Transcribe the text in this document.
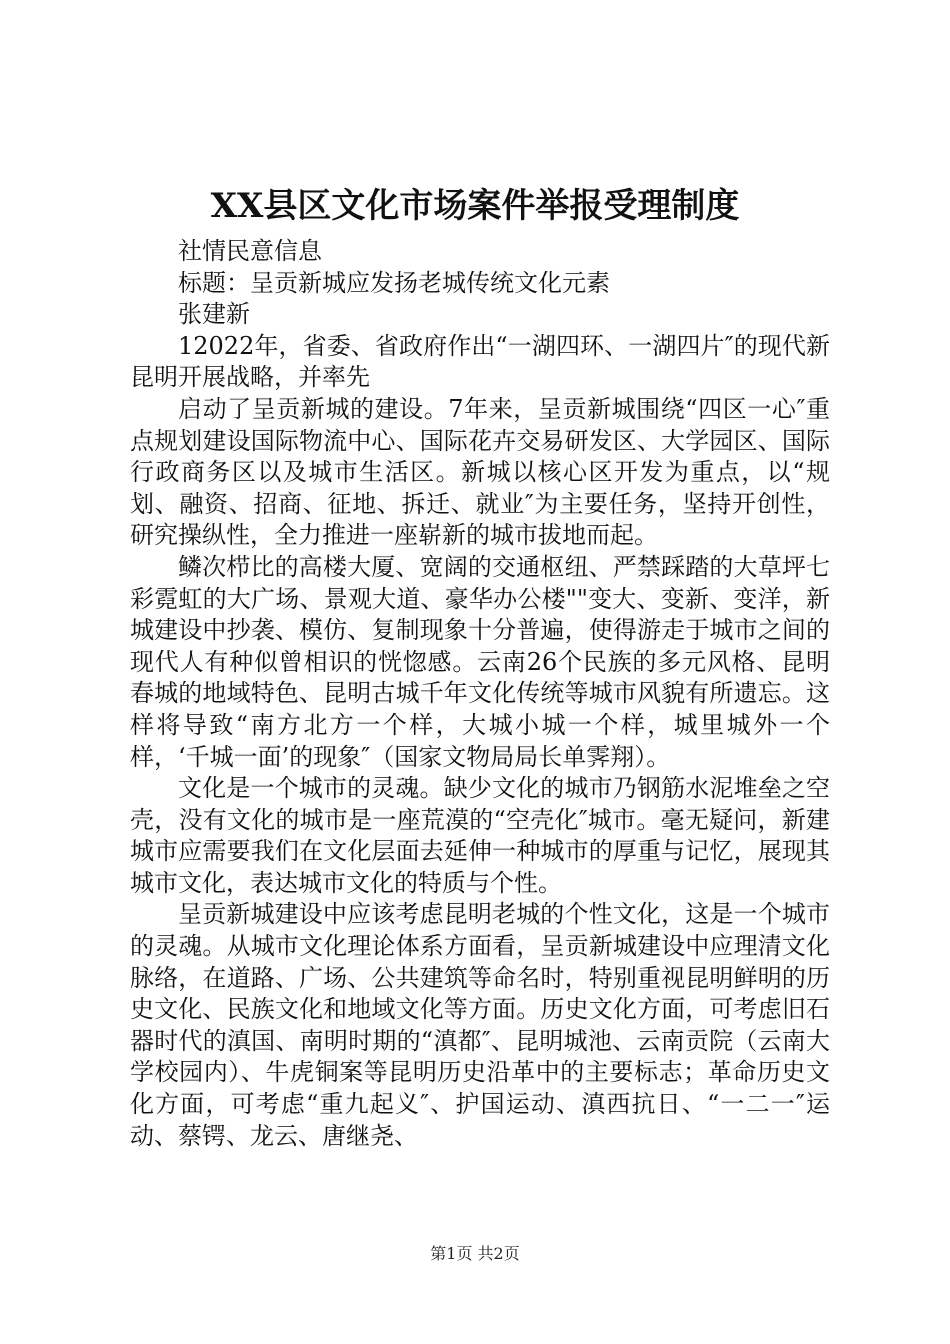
XX县区文化市场案件举报受理制度

社情民意信息

标题：呈贡新城应发扬老城传统文化元素

张建新

12022年，省委、省政府作出“一湖四环、一湖四片″的现代新昆明开展战略，并率先

启动了呈贡新城的建设。7年来，呈贡新城围绕“四区一心″重点规划建设国际物流中心、国际花卉交易研发区、大学园区、国际行政商务区以及城市生活区。新城以核心区开发为重点，以“规划、融资、招商、征地、拆迁、就业″为主要任务，坚持开创性，研究操纵性，全力推进一座崭新的城市拔地而起。

鳞次栉比的高楼大厦、宽阔的交通枢纽、严禁踩踏的大草坪七彩霓虹的大广场、景观大道、豪华办公楼""变大、变新、变洋，新城建设中抄袭、模仿、复制现象十分普遍，使得游走于城市之间的现代人有种似曾相识的恍惚感。云南26个民族的多元风格、昆明春城的地域特色、昆明古城千年文化传统等城市风貌有所遗忘。这样将导致“南方北方一个样，大城小城一个样，城里城外一个样，‘千城一面’的现象″（国家文物局局长单霁翔）。

文化是一个城市的灵魂。缺少文化的城市乃钢筋水泥堆垒之空壳，没有文化的城市是一座荒漠的“空壳化″城市。毫无疑问，新建城市应需要我们在文化层面去延伸一种城市的厚重与记忆，展现其城市文化，表达城市文化的特质与个性。

呈贡新城建设中应该考虑昆明老城的个性文化，这是一个城市的灵魂。从城市文化理论体系方面看，呈贡新城建设中应理清文化脉络，在道路、广场、公共建筑等命名时，特别重视昆明鲜明的历史文化、民族文化和地域文化等方面。历史文化方面，可考虑旧石器时代的滇国、南明时期的“滇都″、昆明城池、云南贡院（云南大学校园内）、牛虎铜案等昆明历史沿革中的主要标志；革命历史文化方面，可考虑“重九起义″、护国运动、滇西抗日、“一二一″运动、蔡锷、龙云、唐继尧、

第1页 共2页
